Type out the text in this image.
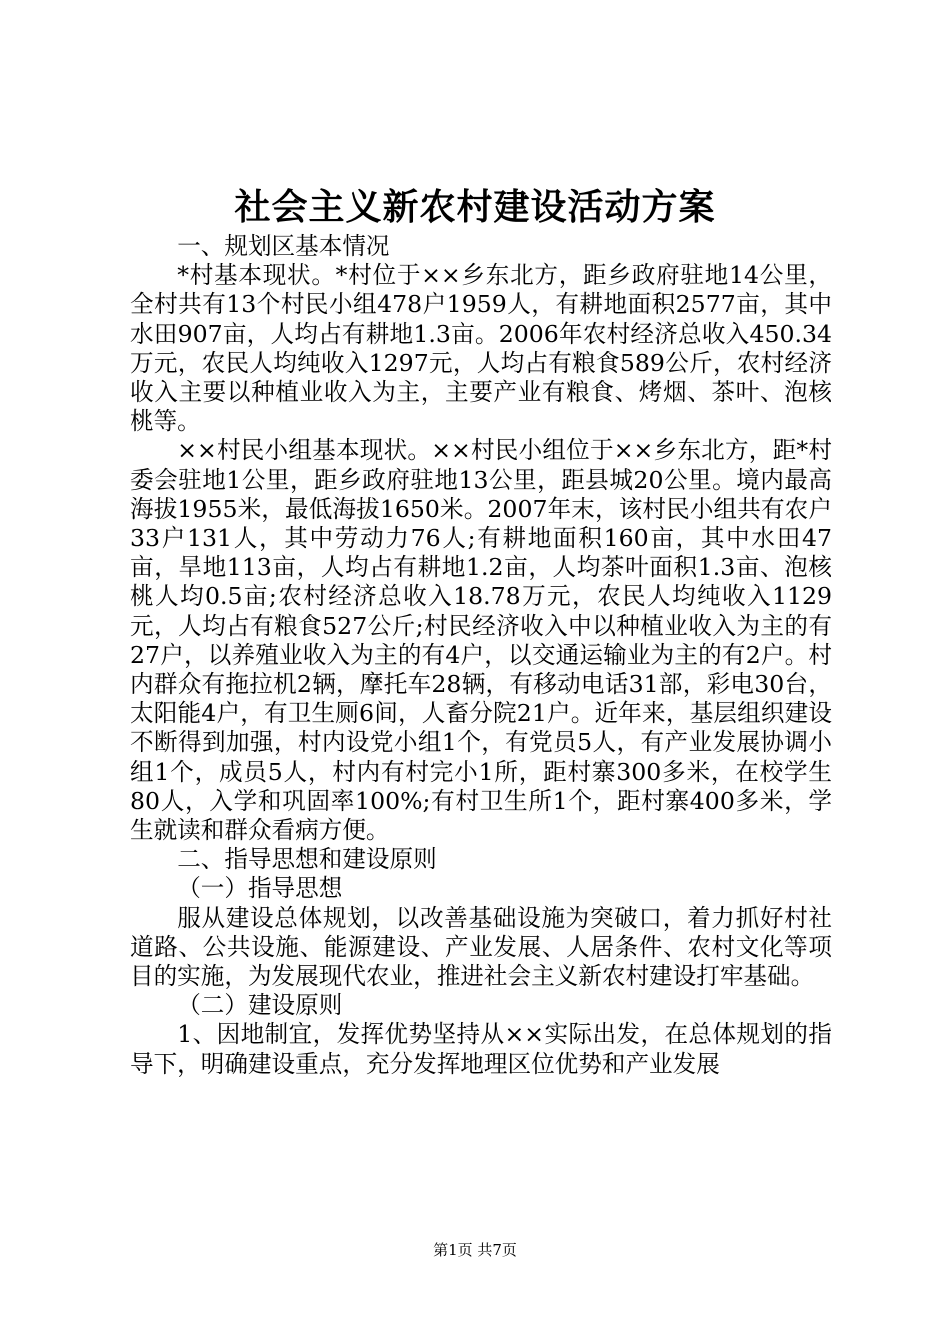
社会主义新农村建设活动方案

一、规划区基本情况

*村基本现状。*村位于××乡东北方，距乡政府驻地14公里，全村共有13个村民小组478户1959人，有耕地面积2577亩，其中水田907亩，人均占有耕地1.3亩。2006年农村经济总收入450.34万元，农民人均纯收入1297元，人均占有粮食589公斤，农村经济收入主要以种植业收入为主，主要产业有粮食、烤烟、茶叶、泡核桃等。

××村民小组基本现状。××村民小组位于××乡东北方，距*村委会驻地1公里，距乡政府驻地13公里，距县城20公里。境内最高海拔1955米，最低海拔1650米。2007年末，该村民小组共有农户33户131人，其中劳动力76人;有耕地面积160亩，其中水田47亩，旱地113亩，人均占有耕地1.2亩，人均茶叶面积1.3亩、泡核桃人均0.5亩;农村经济总收入18.78万元，农民人均纯收入1129元，人均占有粮食527公斤;村民经济收入中以种植业收入为主的有27户，以养殖业收入为主的有4户，以交通运输业为主的有2户。村内群众有拖拉机2辆，摩托车28辆，有移动电话31部，彩电30台，太阳能4户，有卫生厕6间，人畜分院21户。近年来，基层组织建设不断得到加强，村内设党小组1个，有党员5人，有产业发展协调小组1个，成员5人，村内有村完小1所，距村寨300多米，在校学生80人，入学和巩固率100%;有村卫生所1个，距村寨400多米，学生就读和群众看病方便。

二、指导思想和建设原则

（一）指导思想

服从建设总体规划，以改善基础设施为突破口，着力抓好村社道路、公共设施、能源建设、产业发展、人居条件、农村文化等项目的实施，为发展现代农业，推进社会主义新农村建设打牢基础。

（二）建设原则

1、因地制宜，发挥优势坚持从××实际出发，在总体规划的指导下，明确建设重点，充分发挥地理区位优势和产业发展

第1页 共7页
